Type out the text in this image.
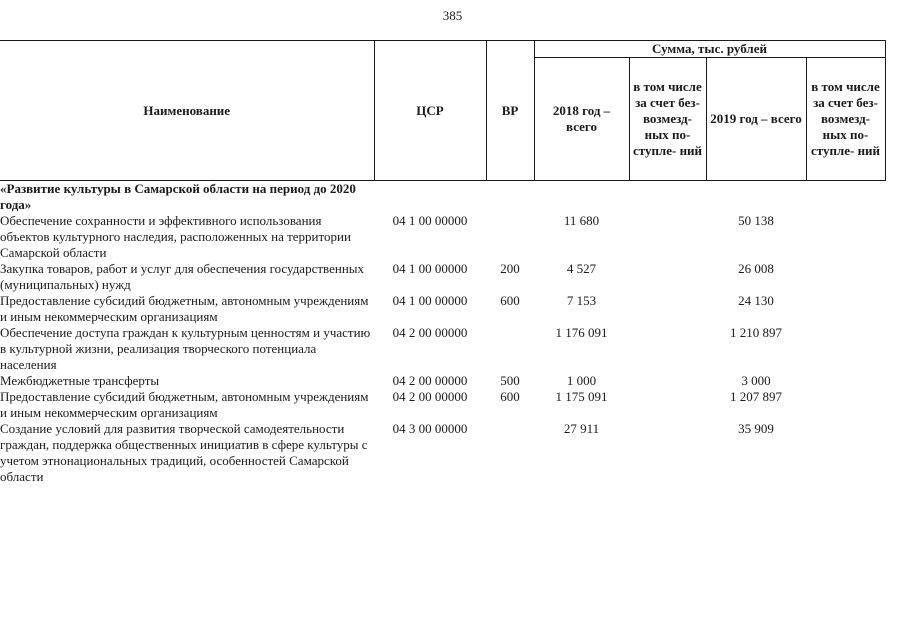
385
Наименование	ЦСР	ВР	Сумма, тыс. рублей			
			2018 год – всего	в том числе за счет без- возмезд- ных по- ступле- ний	2019 год – всего	в том числе за счет без- возмезд- ных по- ступле- ний
«Развитие культуры в Самарской области на период до 2020 года»						
Обеспечение сохранности и эффективного использования объектов культурного наследия, расположенных на территории Самарской области	04 1 00 00000		11 680		50 138	
Закупка товаров, работ и услуг для обеспечения государственных (муниципальных) нужд	04 1 00 00000	200	4 527		26 008	
Предоставление субсидий бюджетным, автономным учреждениям и иным некоммерческим организациям	04 1 00 00000	600	7 153		24 130	
Обеспечение доступа граждан к культурным ценностям и участию в культурной жизни, реализация творческого потенциала населения	04 2 00 00000		1 176 091		1 210 897	
Межбюджетные трансферты	04 2 00 00000	500	1 000		3 000	
Предоставление субсидий бюджетным, автономным учреждениям и иным некоммерческим организациям	04 2 00 00000	600	1 175 091		1 207 897	
Создание условий для развития творческой самодеятельности граждан, поддержка общественных инициатив в сфере культуры с учетом этнонациональных традиций, особенностей Самарской области	04 3 00 00000		27 911		35 909	
